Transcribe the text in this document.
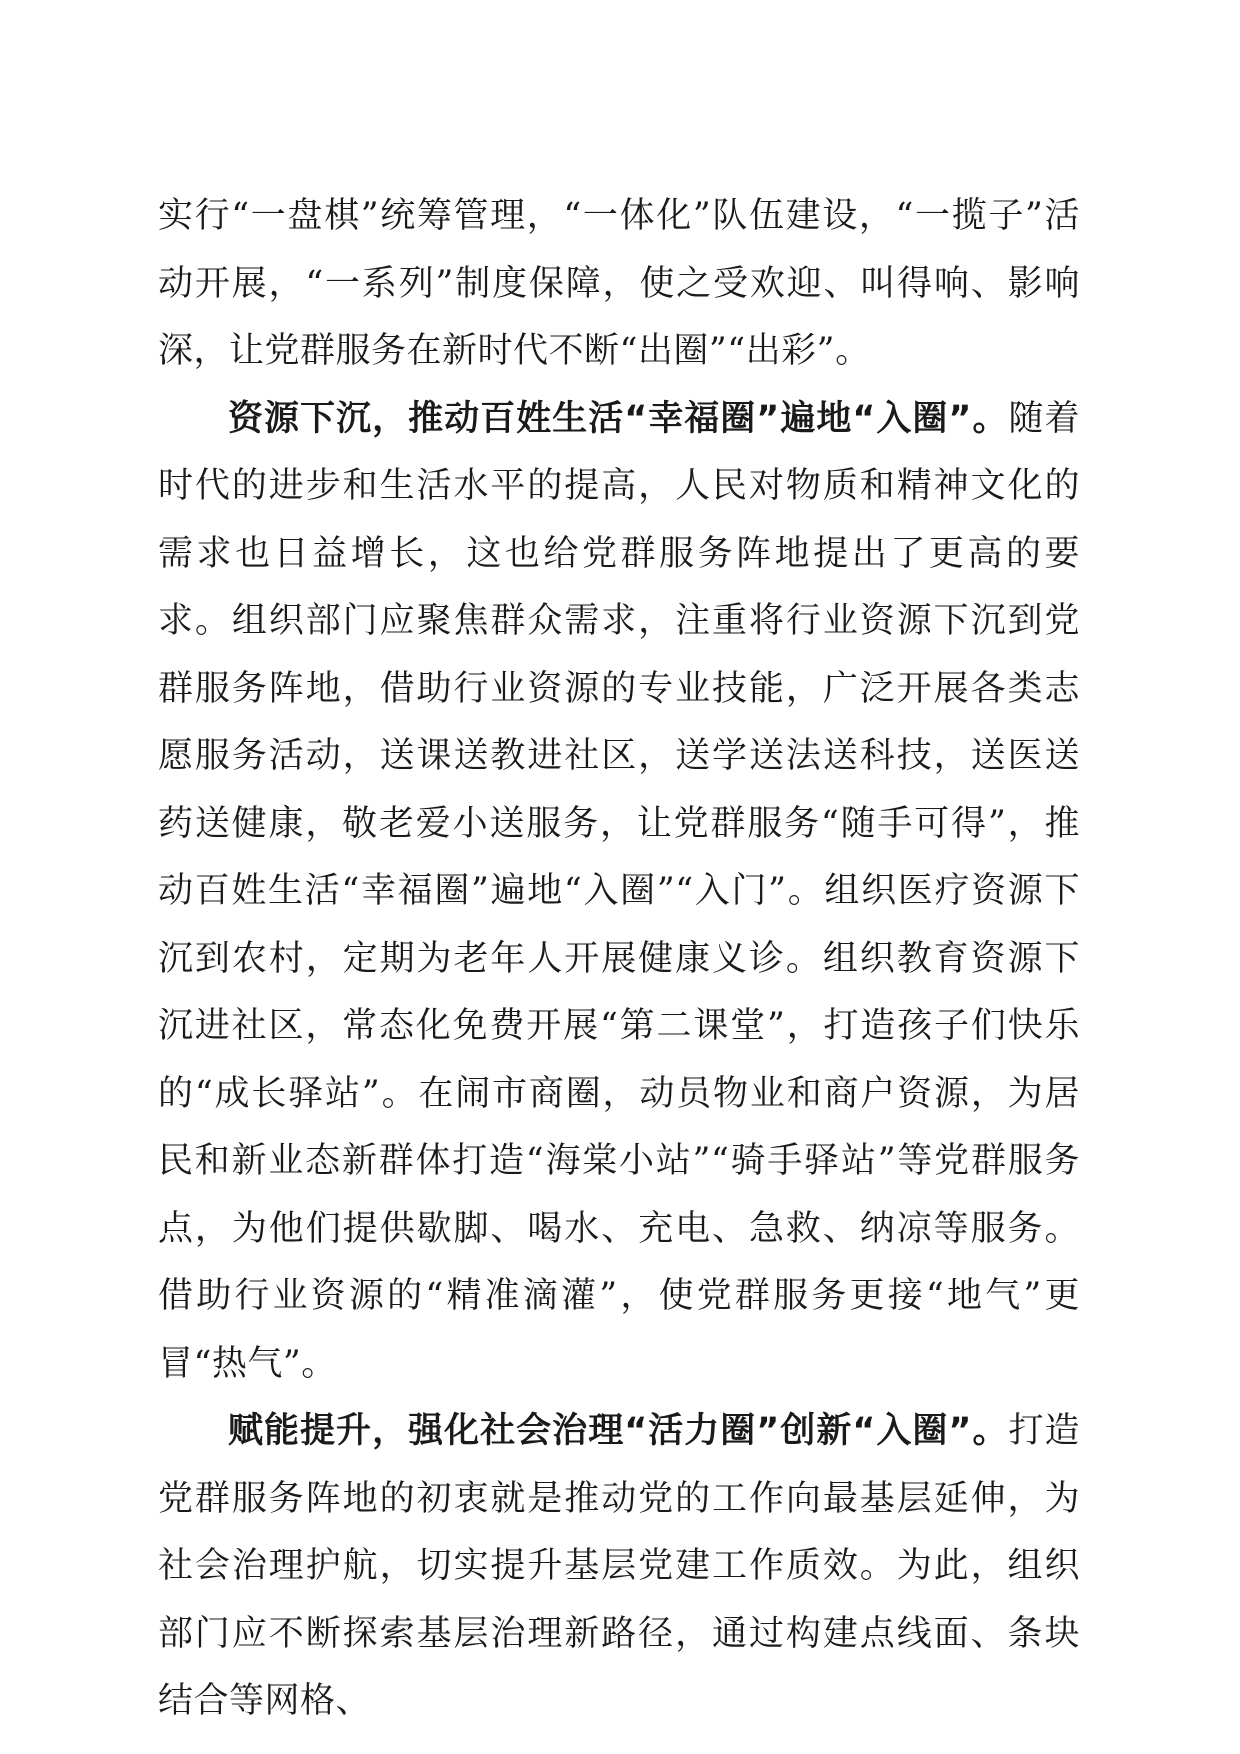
实行“一盘棋”统筹管理，“一体化”队伍建设，“一揽子”活动开展，“一系列”制度保障，使之受欢迎、叫得响、影响深，让党群服务在新时代不断“出圈”“出彩”。

资源下沉，推动百姓生活“幸福圈”遍地“入圈”。随着时代的进步和生活水平的提高，人民对物质和精神文化的需求也日益增长，这也给党群服务阵地提出了更高的要求。组织部门应聚焦群众需求，注重将行业资源下沉到党群服务阵地，借助行业资源的专业技能，广泛开展各类志愿服务活动，送课送教进社区，送学送法送科技，送医送药送健康，敬老爱小送服务，让党群服务“随手可得”，推动百姓生活“幸福圈”遍地“入圈”“入门”。组织医疗资源下沉到农村，定期为老年人开展健康义诊。组织教育资源下沉进社区，常态化免费开展“第二课堂”，打造孩子们快乐的“成长驿站”。在闹市商圈，动员物业和商户资源，为居民和新业态新群体打造“海棠小站”“骑手驿站”等党群服务点，为他们提供歇脚、喝水、充电、急救、纳凉等服务。借助行业资源的“精准滴灌”，使党群服务更接“地气”更冒“热气”。

赋能提升，强化社会治理“活力圈”创新“入圈”。打造党群服务阵地的初衷就是推动党的工作向最基层延伸，为社会治理护航，切实提升基层党建工作质效。为此，组织部门应不断探索基层治理新路径，通过构建点线面、条块结合等网格、
